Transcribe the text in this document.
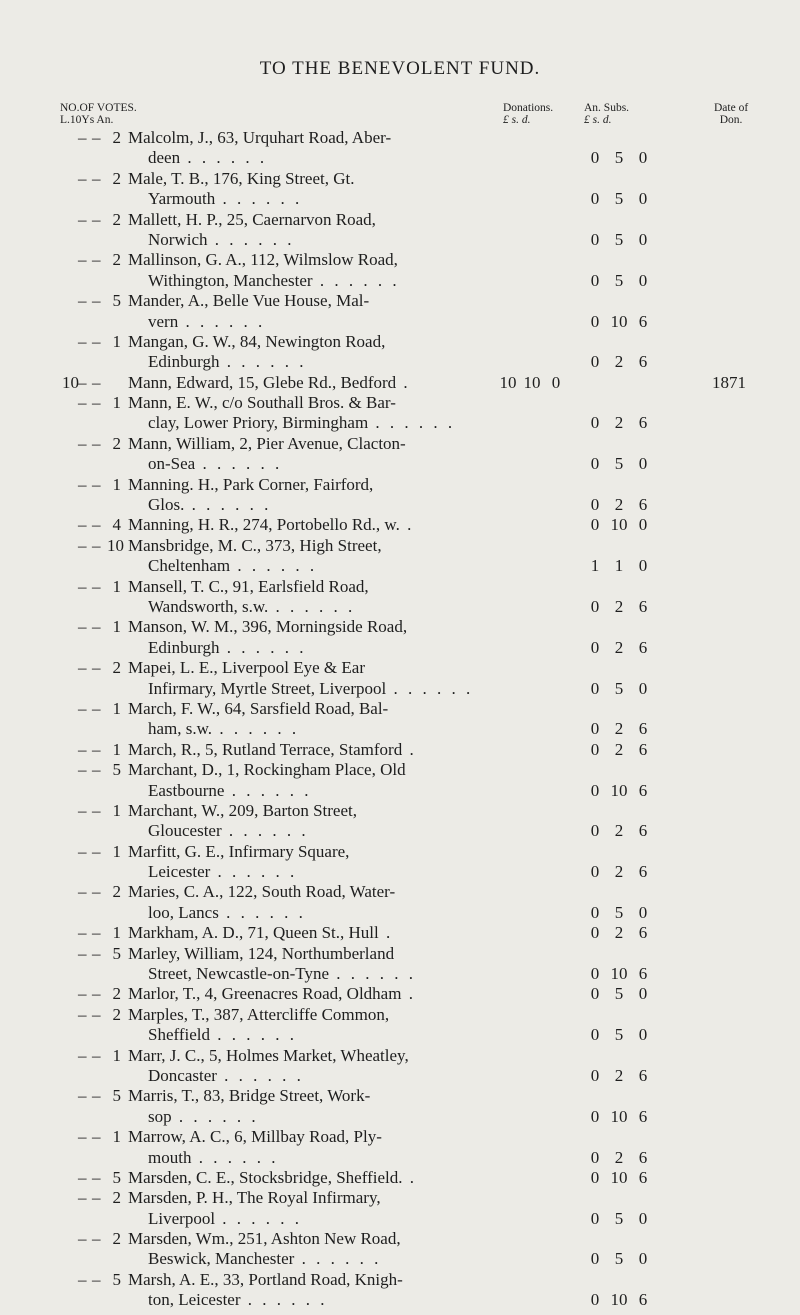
TO THE BENEVOLENT FUND.
NO.OF VOTES.
L.10Ys An.
Donations.
£ s. d.
An. Subs.
£ s. d.
Date of
Don.
– – 2 Malcolm, J., 63, Urquhart Road, Aber-
deen . . . . . .	0 5 0
– – 2 Male, T. B., 176, King Street, Gt.
Yarmouth . . . . . .	0 5 0
– – 2 Mallett, H. P., 25, Caernarvon Road,
Norwich . . . . . .	0 5 0
– – 2 Mallinson, G. A., 112, Wilmslow Road,
Withington, Manchester . . . . . .	0 5 0
– – 5 Mander, A., Belle Vue House, Mal-
vern . . . . . .	0 10 6
– – 1 Mangan, G. W., 84, Newington Road,
Edinburgh . . . . . .	0 2 6
10 – – Mann, Edward, 15, Glebe Rd., Bedford .	10 10 0	1871
– – 1 Mann, E. W., c/o Southall Bros. & Bar-
clay, Lower Priory, Birmingham . . . . . .	0 2 6
– – 2 Mann, William, 2, Pier Avenue, Clacton-
on-Sea . . . . . .	0 5 0
– – 1 Manning. H., Park Corner, Fairford,
Glos. . . . . . .	0 2 6
– – 4 Manning, H. R., 274, Portobello Rd., w. .	0 10 0
– – 10 Mansbridge, M. C., 373, High Street,
Cheltenham . . . . . .	1 1 0
– – 1 Mansell, T. C., 91, Earlsfield Road,
Wandsworth, s.w. . . . . . .	0 2 6
– – 1 Manson, W. M., 396, Morningside Road,
Edinburgh . . . . . .	0 2 6
– – 2 Mapei, L. E., Liverpool Eye & Ear
Infirmary, Myrtle Street, Liverpool . . . . . .	0 5 0
– – 1 March, F. W., 64, Sarsfield Road, Bal-
ham, s.w. . . . . . .	0 2 6
– – 1 March, R., 5, Rutland Terrace, Stamford .	0 2 6
– – 5 Marchant, D., 1, Rockingham Place, Old
Eastbourne . . . . . .	0 10 6
– – 1 Marchant, W., 209, Barton Street,
Gloucester . . . . . .	0 2 6
– – 1 Marfitt, G. E., Infirmary Square,
Leicester . . . . . .	0 2 6
– – 2 Maries, C. A., 122, South Road, Water-
loo, Lancs . . . . . .	0 5 0
– – 1 Markham, A. D., 71, Queen St., Hull .	0 2 6
– – 5 Marley, William, 124, Northumberland
Street, Newcastle-on-Tyne . . . . . .	0 10 6
– – 2 Marlor, T., 4, Greenacres Road, Oldham .	0 5 0
– – 2 Marples, T., 387, Attercliffe Common,
Sheffield . . . . . .	0 5 0
– – 1 Marr, J. C., 5, Holmes Market, Wheatley,
Doncaster . . . . . .	0 2 6
– – 5 Marris, T., 83, Bridge Street, Work-
sop . . . . . .	0 10 6
– – 1 Marrow, A. C., 6, Millbay Road, Ply-
mouth . . . . . .	0 2 6
– – 5 Marsden, C. E., Stocksbridge, Sheffield. .	0 10 6
– – 2 Marsden, P. H., The Royal Infirmary,
Liverpool . . . . . .	0 5 0
– – 2 Marsden, Wm., 251, Ashton New Road,
Beswick, Manchester . . . . . .	0 5 0
– – 5 Marsh, A. E., 33, Portland Road, Knigh-
ton, Leicester . . . . . .	0 10 6
